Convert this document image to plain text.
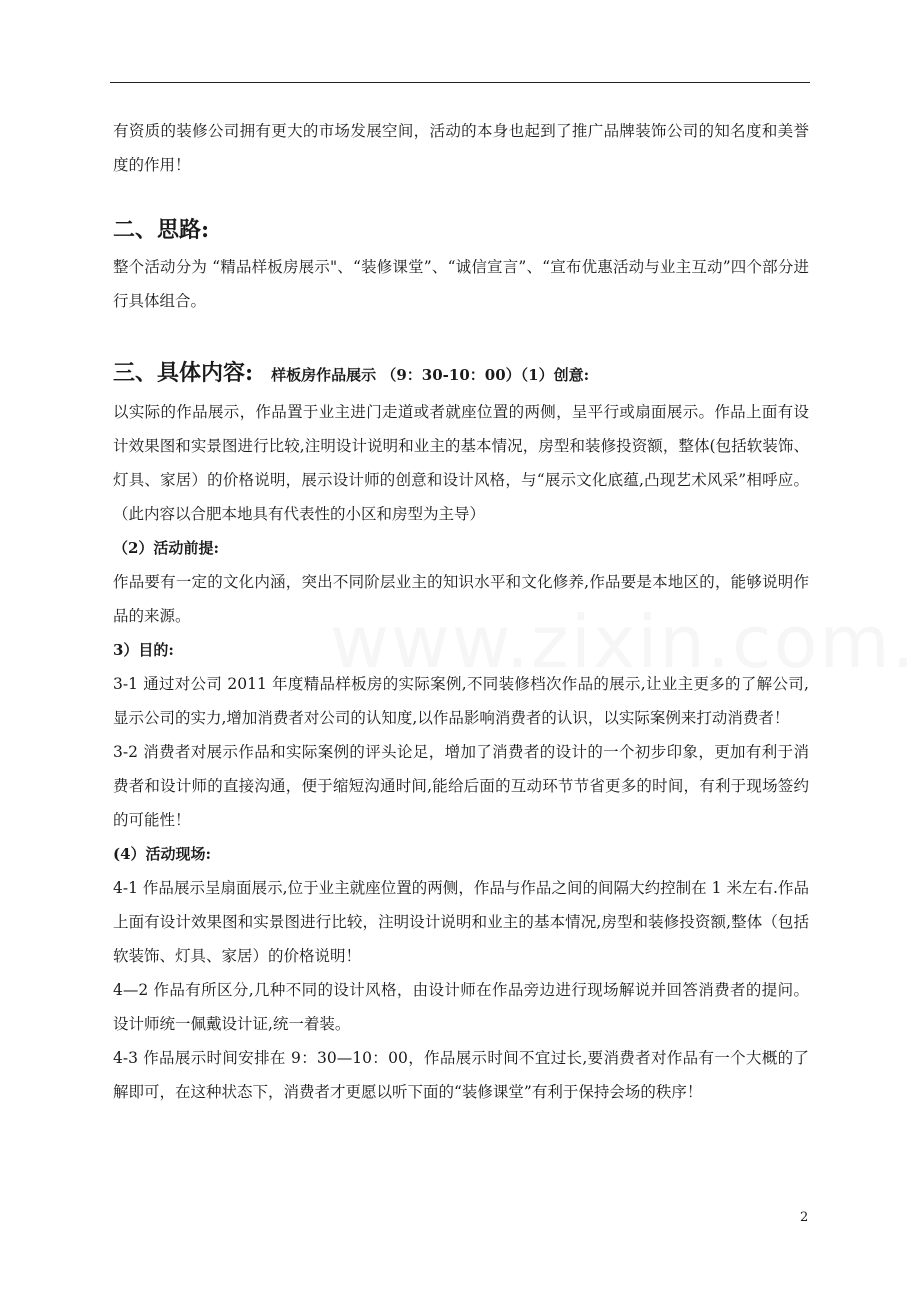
有资质的装修公司拥有更大的市场发展空间，活动的本身也起到了推广品牌装饰公司的知名度和美誉度的作用！

二、思路:

整个活动分为 “精品样板房展示"、“装修课堂”、“诚信宣言”、“宣布优惠活动与业主互动”四个部分进行具体组合。

三、具体内容: 样板房作品展示 （9：30-10：00）（1）创意:

以实际的作品展示，作品置于业主进门走道或者就座位置的两侧，呈平行或扇面展示。作品上面有设计效果图和实景图进行比较,注明设计说明和业主的基本情况，房型和装修投资额，整体(包括软装饰、灯具、家居）的价格说明，展示设计师的创意和设计风格，与“展示文化底蕴,凸现艺术风采”相呼应。 （此内容以合肥本地具有代表性的小区和房型为主导）

（2）活动前提:

作品要有一定的文化内涵，突出不同阶层业主的知识水平和文化修养,作品要是本地区的，能够说明作品的来源。

3）目的:

3-1 通过对公司 2011 年度精品样板房的实际案例,不同装修档次作品的展示,让业主更多的了解公司,显示公司的实力,增加消费者对公司的认知度,以作品影响消费者的认识，以实际案例来打动消费者！

3-2 消费者对展示作品和实际案例的评头论足，增加了消费者的设计的一个初步印象，更加有利于消费者和设计师的直接沟通，便于缩短沟通时间,能给后面的互动环节节省更多的时间，有利于现场签约的可能性！

(4）活动现场:

4-1 作品展示呈扇面展示,位于业主就座位置的两侧，作品与作品之间的间隔大约控制在 1 米左右.作品上面有设计效果图和实景图进行比较，注明设计说明和业主的基本情况,房型和装修投资额,整体（包括软装饰、灯具、家居）的价格说明！

4—2 作品有所区分,几种不同的设计风格，由设计师在作品旁边进行现场解说并回答消费者的提问。设计师统一佩戴设计证,统一着装。

4-3 作品展示时间安排在 9：30—10：00，作品展示时间不宜过长,要消费者对作品有一个大概的了解即可，在这种状态下，消费者才更愿以听下面的“装修课堂”有利于保持会场的秩序！

2
